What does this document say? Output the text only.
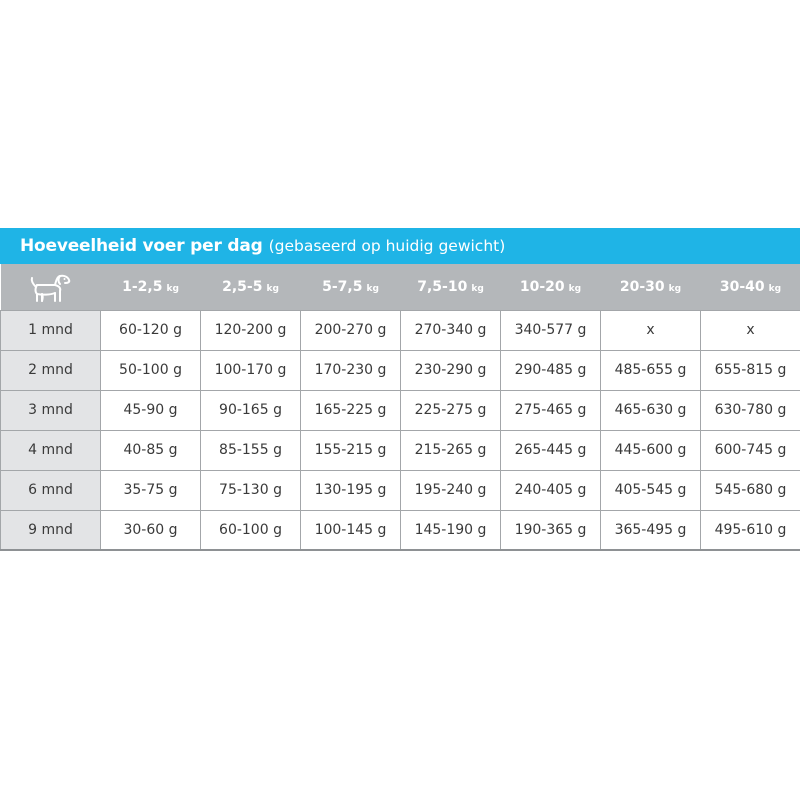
Hoeveelheid voer per dag (gebaseerd op huidig gewicht)
	1-2,5 kg	2,5-5 kg	5-7,5 kg	7,5-10 kg	10-20 kg	20-30 kg	30-40 kg
1 mnd	60-120 g	120-200 g	200-270 g	270-340 g	340-577 g	x	x
2 mnd	50-100 g	100-170 g	170-230 g	230-290 g	290-485 g	485-655 g	655-815 g
3 mnd	45-90 g	90-165 g	165-225 g	225-275 g	275-465 g	465-630 g	630-780 g
4 mnd	40-85 g	85-155 g	155-215 g	215-265 g	265-445 g	445-600 g	600-745 g
6 mnd	35-75 g	75-130 g	130-195 g	195-240 g	240-405 g	405-545 g	545-680 g
9 mnd	30-60 g	60-100 g	100-145 g	145-190 g	190-365 g	365-495 g	495-610 g
